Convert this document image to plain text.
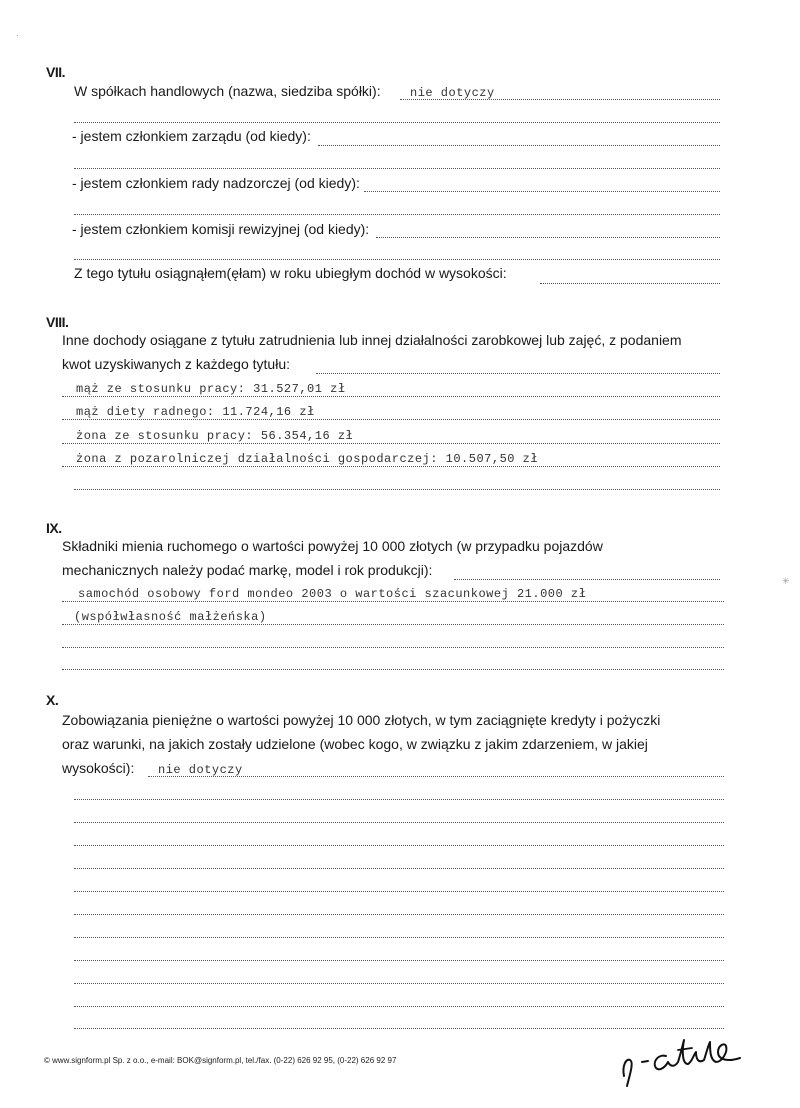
·
✳
VII.
W spółkach handlowych (nazwa, siedziba spółki): nie dotyczy
- jestem członkiem zarządu (od kiedy):
- jestem członkiem rady nadzorczej (od kiedy):
- jestem członkiem komisji rewizyjnej (od kiedy):
Z tego tytułu osiągnąłem(ęłam) w roku ubiegłym dochód w wysokości:
VIII.
Inne dochody osiągane z tytułu zatrudnienia lub innej działalności zarobkowej lub zajęć, z podaniem
kwot uzyskiwanych z każdego tytułu:
mąż ze stosunku pracy: 31.527,01 zł
mąż diety radnego: 11.724,16 zł
żona ze stosunku pracy: 56.354,16 zł
żona z pozarolniczej działalności gospodarczej: 10.507,50 zł
IX.
Składniki mienia ruchomego o wartości powyżej 10 000 złotych (w przypadku pojazdów
mechanicznych należy podać markę, model i rok produkcji):
samochód osobowy ford mondeo 2003 o wartości szacunkowej 21.000 zł
(współwłasność małżeńska)
X.
Zobowiązania pieniężne o wartości powyżej 10 000 złotych, w tym zaciągnięte kredyty i pożyczki
oraz warunki, na jakich zostały udzielone (wobec kogo, w związku z jakim zdarzeniem, w jakiej
wysokości): nie dotyczy
© www.signform.pl Sp. z o.o., e-mail: BOK@signform.pl, tel./fax. (0-22) 626 92 95, (0-22) 626 92 97
